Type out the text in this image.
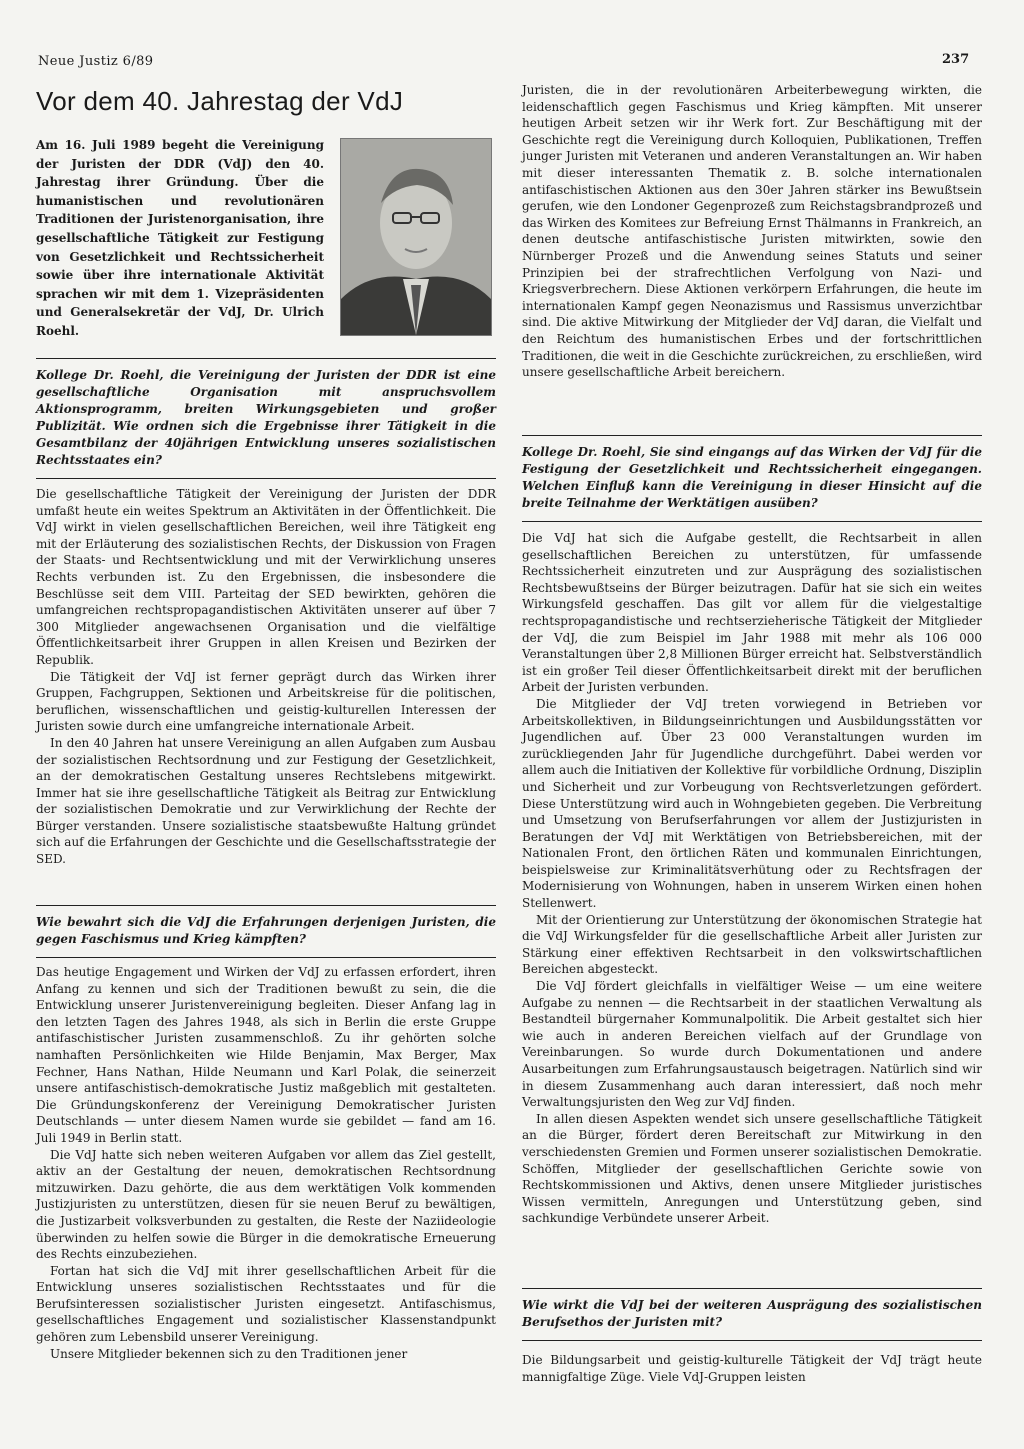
Neue Justiz 6/89	237
Vor dem 40. Jahrestag der VdJ
Am 16. Juli 1989 begeht die Vereinigung der Juristen der DDR (VdJ) den 40. Jahrestag ihrer Gründung. Über die humanistischen und revolutionären Traditionen der Juristenorganisation, ihre gesellschaftliche Tätigkeit zur Festigung von Gesetzlichkeit und Rechtssicherheit sowie über ihre internationale Aktivität sprachen wir mit dem 1. Vizepräsidenten und Generalsekretär der VdJ, Dr. Ulrich Roehl.
Kollege Dr. Roehl, die Vereinigung der Juristen der DDR ist eine gesellschaftliche Organisation mit anspruchsvollem Aktionsprogramm, breiten Wirkungsgebieten und großer Publizität. Wie ordnen sich die Ergebnisse ihrer Tätigkeit in die Gesamtbilanz der 40jährigen Entwicklung unseres sozialistischen Rechtsstaates ein?

Die gesellschaftliche Tätigkeit der Vereinigung der Juristen der DDR umfaßt heute ein weites Spektrum an Aktivitäten in der Öffentlichkeit. Die VdJ wirkt in vielen gesellschaftlichen Bereichen, weil ihre Tätigkeit eng mit der Erläuterung des sozialistischen Rechts, der Diskussion von Fragen der Staats- und Rechtsentwicklung und mit der Verwirklichung unseres Rechts verbunden ist. Zu den Ergebnissen, die insbesondere die Beschlüsse seit dem VIII. Parteitag der SED bewirkten, gehören die umfangreichen rechtspropagandistischen Aktivitäten unserer auf über 7 300 Mitglieder angewachsenen Organisation und die vielfältige Öffentlichkeitsarbeit ihrer Gruppen in allen Kreisen und Bezirken der Republik.

Die Tätigkeit der VdJ ist ferner geprägt durch das Wirken ihrer Gruppen, Fachgruppen, Sektionen und Arbeitskreise für die politischen, beruflichen, wissenschaftlichen und geistig-kulturellen Interessen der Juristen sowie durch eine umfangreiche internationale Arbeit.

In den 40 Jahren hat unsere Vereinigung an allen Aufgaben zum Ausbau der sozialistischen Rechtsordnung und zur Festigung der Gesetzlichkeit, an der demokratischen Gestaltung unseres Rechtslebens mitgewirkt. Immer hat sie ihre gesellschaftliche Tätigkeit als Beitrag zur Entwicklung der sozialistischen Demokratie und zur Verwirklichung der Rechte der Bürger verstanden. Unsere sozialistische staatsbewußte Haltung gründet sich auf die Erfahrungen der Geschichte und die Gesellschaftsstrategie der SED.

Wie bewahrt sich die VdJ die Erfahrungen derjenigen Juristen, die gegen Faschismus und Krieg kämpften?

Das heutige Engagement und Wirken der VdJ zu erfassen erfordert, ihren Anfang zu kennen und sich der Traditionen bewußt zu sein, die die Entwicklung unserer Juristenvereinigung begleiten. Dieser Anfang lag in den letzten Tagen des Jahres 1948, als sich in Berlin die erste Gruppe antifaschistischer Juristen zusammenschloß. Zu ihr gehörten solche namhaften Persönlichkeiten wie Hilde Benjamin, Max Berger, Max Fechner, Hans Nathan, Hilde Neumann und Karl Polak, die seinerzeit unsere antifaschistisch-demokratische Justiz maßgeblich mit gestalteten. Die Gründungskonferenz der Vereinigung Demokratischer Juristen Deutschlands — unter diesem Namen wurde sie gebildet — fand am 16. Juli 1949 in Berlin statt.

Die VdJ hatte sich neben weiteren Aufgaben vor allem das Ziel gestellt, aktiv an der Gestaltung der neuen, demokratischen Rechtsordnung mitzuwirken. Dazu gehörte, die aus dem werktätigen Volk kommenden Justizjuristen zu unterstützen, diesen für sie neuen Beruf zu bewältigen, die Justizarbeit volksverbunden zu gestalten, die Reste der Naziideologie überwinden zu helfen sowie die Bürger in die demokratische Erneuerung des Rechts einzubeziehen.

Fortan hat sich die VdJ mit ihrer gesellschaftlichen Arbeit für die Entwicklung unseres sozialistischen Rechtsstaates und für die Berufsinteressen sozialistischer Juristen eingesetzt. Antifaschismus, gesellschaftliches Engagement und sozialistischer Klassenstandpunkt gehören zum Lebensbild unserer Vereinigung.

Unsere Mitglieder bekennen sich zu den Traditionen jener

Juristen, die in der revolutionären Arbeiterbewegung wirkten, die leidenschaftlich gegen Faschismus und Krieg kämpften. Mit unserer heutigen Arbeit setzen wir ihr Werk fort. Zur Beschäftigung mit der Geschichte regt die Vereinigung durch Kolloquien, Publikationen, Treffen junger Juristen mit Veteranen und anderen Veranstaltungen an. Wir haben mit dieser interessanten Thematik z. B. solche internationalen antifaschistischen Aktionen aus den 30er Jahren stärker ins Bewußtsein gerufen, wie den Londoner Gegenprozeß zum Reichstagsbrandprozeß und das Wirken des Komitees zur Befreiung Ernst Thälmanns in Frankreich, an denen deutsche antifaschistische Juristen mitwirkten, sowie den Nürnberger Prozeß und die Anwendung seines Statuts und seiner Prinzipien bei der strafrechtlichen Verfolgung von Nazi- und Kriegsverbrechern. Diese Aktionen verkörpern Erfahrungen, die heute im internationalen Kampf gegen Neonazismus und Rassismus unverzichtbar sind. Die aktive Mitwirkung der Mitglieder der VdJ daran, die Vielfalt und den Reichtum des humanistischen Erbes und der fortschrittlichen Traditionen, die weit in die Geschichte zurückreichen, zu erschließen, wird unsere gesellschaftliche Arbeit bereichern.

Kollege Dr. Roehl, Sie sind eingangs auf das Wirken der VdJ für die Festigung der Gesetzlichkeit und Rechtssicherheit eingegangen. Welchen Einfluß kann die Vereinigung in dieser Hinsicht auf die breite Teilnahme der Werktätigen ausüben?

Die VdJ hat sich die Aufgabe gestellt, die Rechtsarbeit in allen gesellschaftlichen Bereichen zu unterstützen, für umfassende Rechtssicherheit einzutreten und zur Ausprägung des sozialistischen Rechtsbewußtseins der Bürger beizutragen. Dafür hat sie sich ein weites Wirkungsfeld geschaffen. Das gilt vor allem für die vielgestaltige rechtspropagandistische und rechtserzieherische Tätigkeit der Mitglieder der VdJ, die zum Beispiel im Jahr 1988 mit mehr als 106 000 Veranstaltungen über 2,8 Millionen Bürger erreicht hat. Selbstverständlich ist ein großer Teil dieser Öffentlichkeitsarbeit direkt mit der beruflichen Arbeit der Juristen verbunden.

Die Mitglieder der VdJ treten vorwiegend in Betrieben vor Arbeitskollektiven, in Bildungseinrichtungen und Ausbildungsstätten vor Jugendlichen auf. Über 23 000 Veranstaltungen wurden im zurückliegenden Jahr für Jugendliche durchgeführt. Dabei werden vor allem auch die Initiativen der Kollektive für vorbildliche Ordnung, Disziplin und Sicherheit und zur Vorbeugung von Rechtsverletzungen gefördert. Diese Unterstützung wird auch in Wohngebieten gegeben. Die Verbreitung und Umsetzung von Berufserfahrungen vor allem der Justizjuristen in Beratungen der VdJ mit Werktätigen von Betriebsbereichen, mit der Nationalen Front, den örtlichen Räten und kommunalen Einrichtungen, beispielsweise zur Kriminalitätsverhütung oder zu Rechtsfragen der Modernisierung von Wohnungen, haben in unserem Wirken einen hohen Stellenwert.

Mit der Orientierung zur Unterstützung der ökonomischen Strategie hat die VdJ Wirkungsfelder für die gesellschaftliche Arbeit aller Juristen zur Stärkung einer effektiven Rechtsarbeit in den volkswirtschaftlichen Bereichen abgesteckt.

Die VdJ fördert gleichfalls in vielfältiger Weise — um eine weitere Aufgabe zu nennen — die Rechtsarbeit in der staatlichen Verwaltung als Bestandteil bürgernaher Kommunalpolitik. Die Arbeit gestaltet sich hier wie auch in anderen Bereichen vielfach auf der Grundlage von Vereinbarungen. So wurde durch Dokumentationen und andere Ausarbeitungen zum Erfahrungsaustausch beigetragen. Natürlich sind wir in diesem Zusammenhang auch daran interessiert, daß noch mehr Verwaltungsjuristen den Weg zur VdJ finden.

In allen diesen Aspekten wendet sich unsere gesellschaftliche Tätigkeit an die Bürger, fördert deren Bereitschaft zur Mitwirkung in den verschiedensten Gremien und Formen unserer sozialistischen Demokratie. Schöffen, Mitglieder der gesellschaftlichen Gerichte sowie von Rechtskommissionen und Aktivs, denen unsere Mitglieder juristisches Wissen vermitteln, Anregungen und Unterstützung geben, sind sachkundige Verbündete unserer Arbeit.

Wie wirkt die VdJ bei der weiteren Ausprägung des sozialistischen Berufsethos der Juristen mit?

Die Bildungsarbeit und geistig-kulturelle Tätigkeit der VdJ trägt heute mannigfaltige Züge. Viele VdJ-Gruppen leisten
